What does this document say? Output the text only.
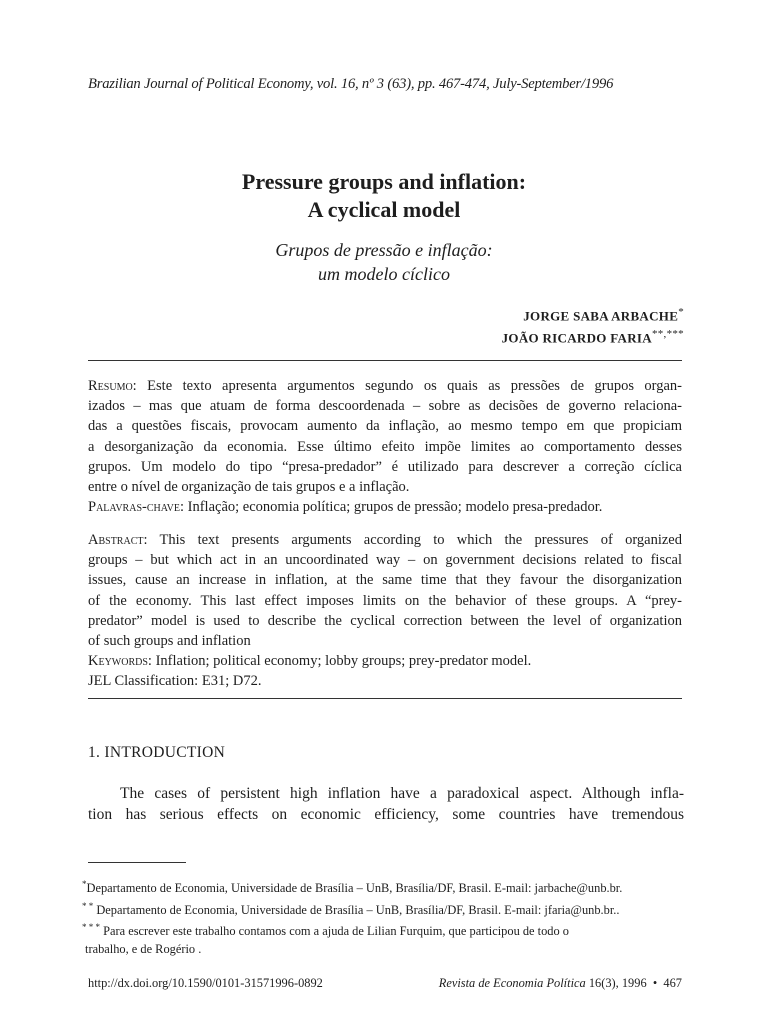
Brazilian Journal of Political Economy, vol. 16, nº 3 (63), pp. 467-474, July-September/1996
Pressure groups and inflation:
A cyclical model
Grupos de pressão e inflação:
um modelo cíclico
JORGE SABA ARBACHE*
JOÃO RICARDO FARIA**,***
Resumo: Este texto apresenta argumentos segundo os quais as pressões de grupos organ-
izados – mas que atuam de forma descoordenada – sobre as decisões de governo relaciona-
das a questões fiscais, provocam aumento da inflação, ao mesmo tempo em que propiciam
a desorganização da economia. Esse último efeito impõe limites ao comportamento desses
grupos. Um modelo do tipo “presa-predador” é utilizado para descrever a correção cíclica
entre o nível de organização de tais grupos e a inflação.
Palavras-chave: Inflação; economia política; grupos de pressão; modelo presa-predador.
Abstract: This text presents arguments according to which the pressures of organized
groups – but which act in an uncoordinated way – on government decisions related to fiscal
issues, cause an increase in inflation, at the same time that they favour the disorganization
of the economy. This last effect imposes limits on the behavior of these groups. A “prey-
predator” model is used to describe the cyclical correction between the level of organization
of such groups and inflation
Keywords: Inflation; political economy; lobby groups; prey-predator model.
JEL Classification: E31; D72.
1. INTRODUCTION
The cases of persistent high inflation have a paradoxical aspect. Although infla-
tion has serious effects on economic efficiency, some countries have tremendous
*Departamento de Economia, Universidade de Brasília – UnB, Brasília/DF, Brasil. E-mail: jarbache@unb.br.
* * Departamento de Economia, Universidade de Brasília – UnB, Brasília/DF, Brasil. E-mail: jfaria@unb.br..
* * * Para escrever este trabalho contamos com a ajuda de Lilian Furquim, que participou de todo o
trabalho, e de Rogério .
http://dx.doi.org/10.1590/0101-31571996-0892	Revista de Economia Política 16(3), 1996 • 467
